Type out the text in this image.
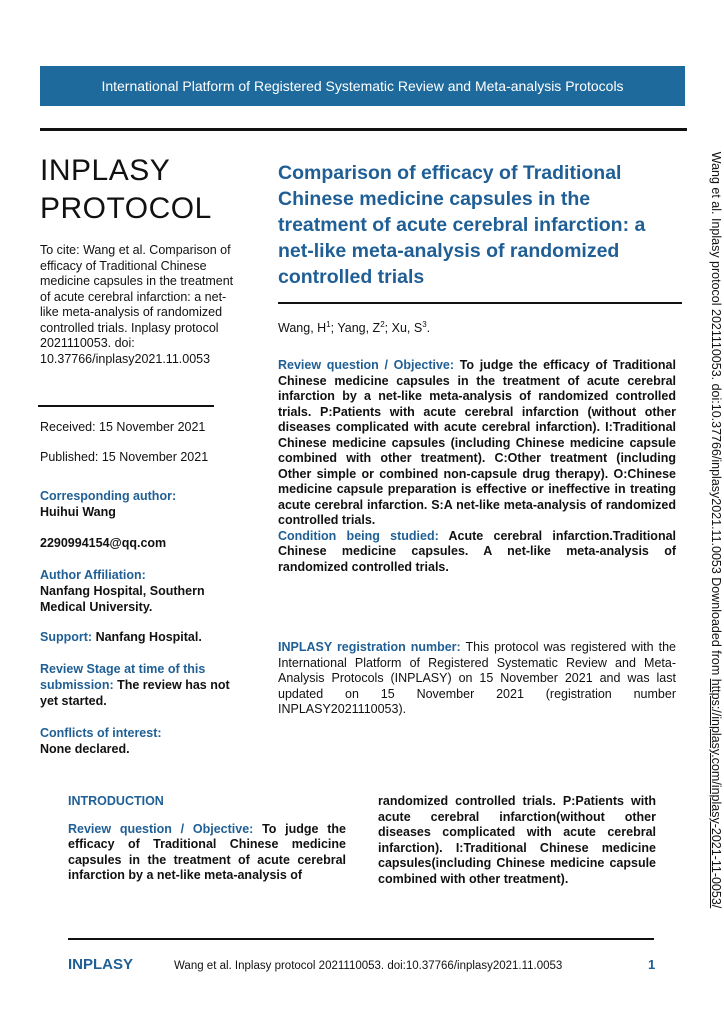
International Platform of Registered Systematic Review and Meta-analysis Protocols
INPLASY
PROTOCOL
To cite: Wang et al. Comparison of efficacy of Traditional Chinese medicine capsules in the treatment of acute cerebral infarction: a net-like meta-analysis of randomized controlled trials. Inplasy protocol 2021110053. doi: 10.37766/inplasy2021.11.0053
Received: 15 November 2021
Published: 15 November 2021
Corresponding author:
Huihui Wang
2290994154@qq.com
Author Affiliation:
Nanfang Hospital, Southern Medical University.
Support: Nanfang Hospital.
Review Stage at time of this submission: The review has not yet started.
Conflicts of interest:
None declared.
Comparison of efficacy of Traditional Chinese medicine capsules in the treatment of acute cerebral infarction: a net-like meta-analysis of randomized controlled trials
Wang, $H^1$; Yang, $Z^2$; Xu, $S^3$.

Review question / Objective: To judge the efficacy of Traditional Chinese medicine capsules in the treatment of acute cerebral infarction by a net-like meta-analysis of randomized controlled trials. P:Patients with acute cerebral infarction (without other diseases complicated with acute cerebral infarction). I:Traditional Chinese medicine capsules (including Chinese medicine capsule combined with other treatment). C:Other treatment (including Other simple or combined non-capsule drug therapy). O:Chinese medicine capsule preparation is effective or ineffective in treating acute cerebral infarction. S:A net-like meta-analysis of randomized controlled trials.

Condition being studied: Acute cerebral infarction.Traditional Chinese medicine capsules. A net-like meta-analysis of randomized controlled trials.

INPLASY registration number: This protocol was registered with the International Platform of Registered Systematic Review and Meta-Analysis Protocols (INPLASY) on 15 November 2021 and was last updated on 15 November 2021 (registration number INPLASY2021110053).
Wang et al. Inplasy protocol 2021110053. doi:10.37766/inplasy2021.11.0053 Downloaded from https://inplasy.com/inplasy-2021-11-0053/
INTRODUCTION
Review question / Objective: To judge the efficacy of Traditional Chinese medicine capsules in the treatment of acute cerebral infarction by a net-like meta-analysis of
randomized controlled trials. P:Patients with acute cerebral infarction(without other diseases complicated with acute cerebral infarction). I:Traditional Chinese medicine capsules(including Chinese medicine capsule combined with other treatment).
INPLASY	Wang et al. Inplasy protocol 2021110053. doi:10.37766/inplasy2021.11.0053	1
